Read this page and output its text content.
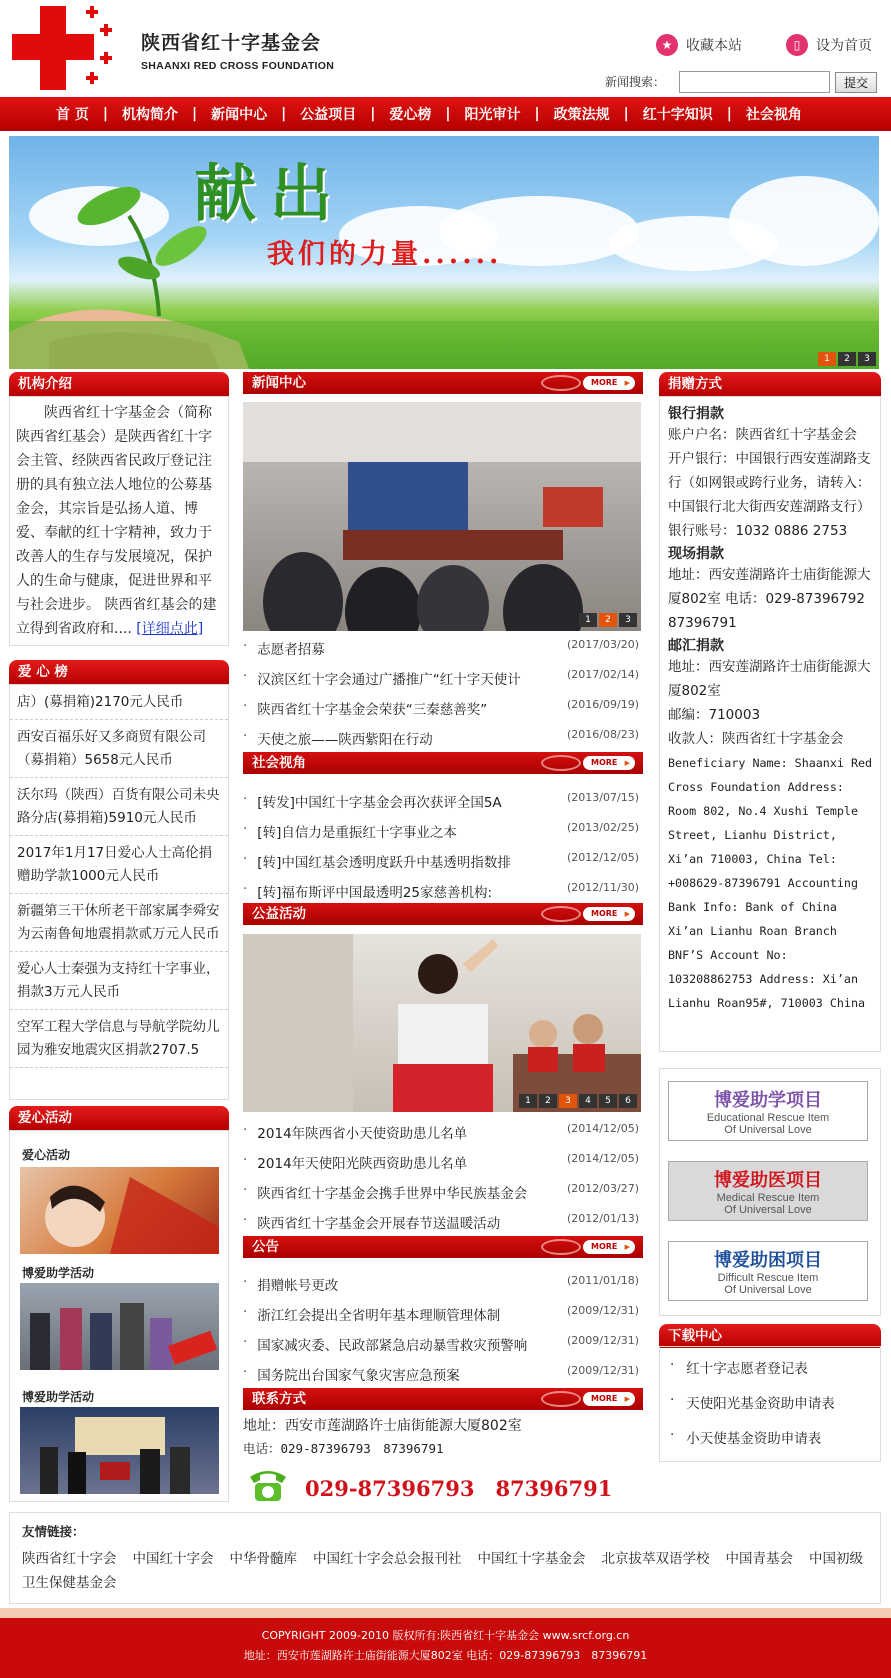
陕西省红十字基金会
SHAANXI RED CROSS FOUNDATION
★ 收藏本站	▯	设为首页
新闻搜索：	提交
首 页 | 机构简介 | 新闻中心 | 公益项目 | 爱心榜 | 阳光审计 | 政策法规 | 红十字知识 | 社会视角
献出
我们的力量......
1	2	3
机构介绍
陕西省红十字基金会（简称陕西省红基会）是陕西省红十字会主管、经陕西省民政厅登记注册的具有独立法人地位的公募基金会，其宗旨是弘扬人道、博爱、奉献的红十字精神，致力于改善人的生存与发展境况，保护人的生命与健康，促进世界和平与社会进步。 陕西省红基会的建立得到省政府和.... [详细点此]
爱 心 榜
店）(募捐箱)2170元人民币
西安百福乐好又多商贸有限公司（募捐箱）5658元人民币
沃尔玛（陕西）百货有限公司未央路分店(募捐箱)5910元人民币
2017年1月17日爱心人士高伦捐赠助学款1000元人民币
新疆第三干休所老干部家属李舜安为云南鲁甸地震捐款贰万元人民币
爱心人士秦强为支持红十字事业，捐款3万元人民币
空军工程大学信息与导航学院幼儿园为雅安地震灾区捐款2707.5
爱心活动
爱心活动
博爱助学活动
博爱助学活动
新闻中心	MORE ▶
1	2	3
· 志愿者招募	(2017/03/20)
· 汉滨区红十字会通过广播推广“红十字天使计	(2017/02/14)
· 陕西省红十字基金会荣获“三秦慈善奖”	(2016/09/19)
· 天使之旅——陕西紫阳在行动	(2016/08/23)
社会视角	MORE ▶
· [转发]中国红十字基金会再次获评全国5A	(2013/07/15)
· [转]自信力是重振红十字事业之本	(2013/02/25)
· [转]中国红基会透明度跃升中基透明指数排	(2012/12/05)
· [转]福布斯评中国最透明25家慈善机构:	(2012/11/30)
公益活动	MORE ▶
1	2	3	4	5	6
· 2014年陕西省小天使资助患儿名单	(2014/12/05)
· 2014年天使阳光陕西资助患儿名单	(2014/12/05)
· 陕西省红十字基金会携手世界中华民族基金会	(2012/03/27)
· 陕西省红十字基金会开展春节送温暖活动	(2012/01/13)
公告	MORE ▶
· 捐赠帐号更改	(2011/01/18)
· 浙江红会提出全省明年基本理顺管理体制	(2009/12/31)
· 国家减灾委、民政部紧急启动暴雪救灾预警响	(2009/12/31)
· 国务院出台国家气象灾害应急预案	(2009/12/31)
联系方式	MORE ▶
地址：西安市莲湖路许士庙街能源大厦802室
电话：029-87396793　87396791
029-87396793　87396791
捐赠方式
银行捐款
账户户名：陕西省红十字基金会 开户银行：中国银行西安莲湖路支行（如网银或跨行业务，请转入：中国银行北大街西安莲湖路支行）
银行账号：1032 0886 2753
现场捐款
地址：西安莲湖路许士庙街能源大厦802室 电话：029-87396792 87396791
邮汇捐款
地址：西安莲湖路许士庙街能源大厦802室
邮编：710003
收款人：陕西省红十字基金会
Beneficiary Name: Shaanxi Red Cross Foundation Address: Room 802, No.4 Xushi Temple Street, Lianhu District, Xi’an 710003, China Tel: +008629-87396791 Accounting Bank Info: Bank of China Xi’an Lianhu Roan Branch BNF’S Account No: 103208862753 Address: Xi’an Lianhu Roan95#, 710003 China
博爱助学项目
Educational Rescue Item
Of Universal Love
博爱助医项目
Medical Rescue Item
Of Universal Love
博爱助困项目
Difficult Rescue Item
Of Universal Love
下载中心
· 红十字志愿者登记表
· 天使阳光基金资助申请表
· 小天使基金资助申请表
友情链接：
陕西省红十字会 中国红十字会 中华骨髓库 中国红十字会总会报刊社 中国红十字基金会 北京拔萃双语学校 中国青基会 中国初级卫生保健基金会
COPYRIGHT 2009-2010 版权所有:陕西省红十字基金会 www.srcf.org.cn
地址：西安市莲湖路许士庙街能源大厦802室 电话：029-87396793　87396791
